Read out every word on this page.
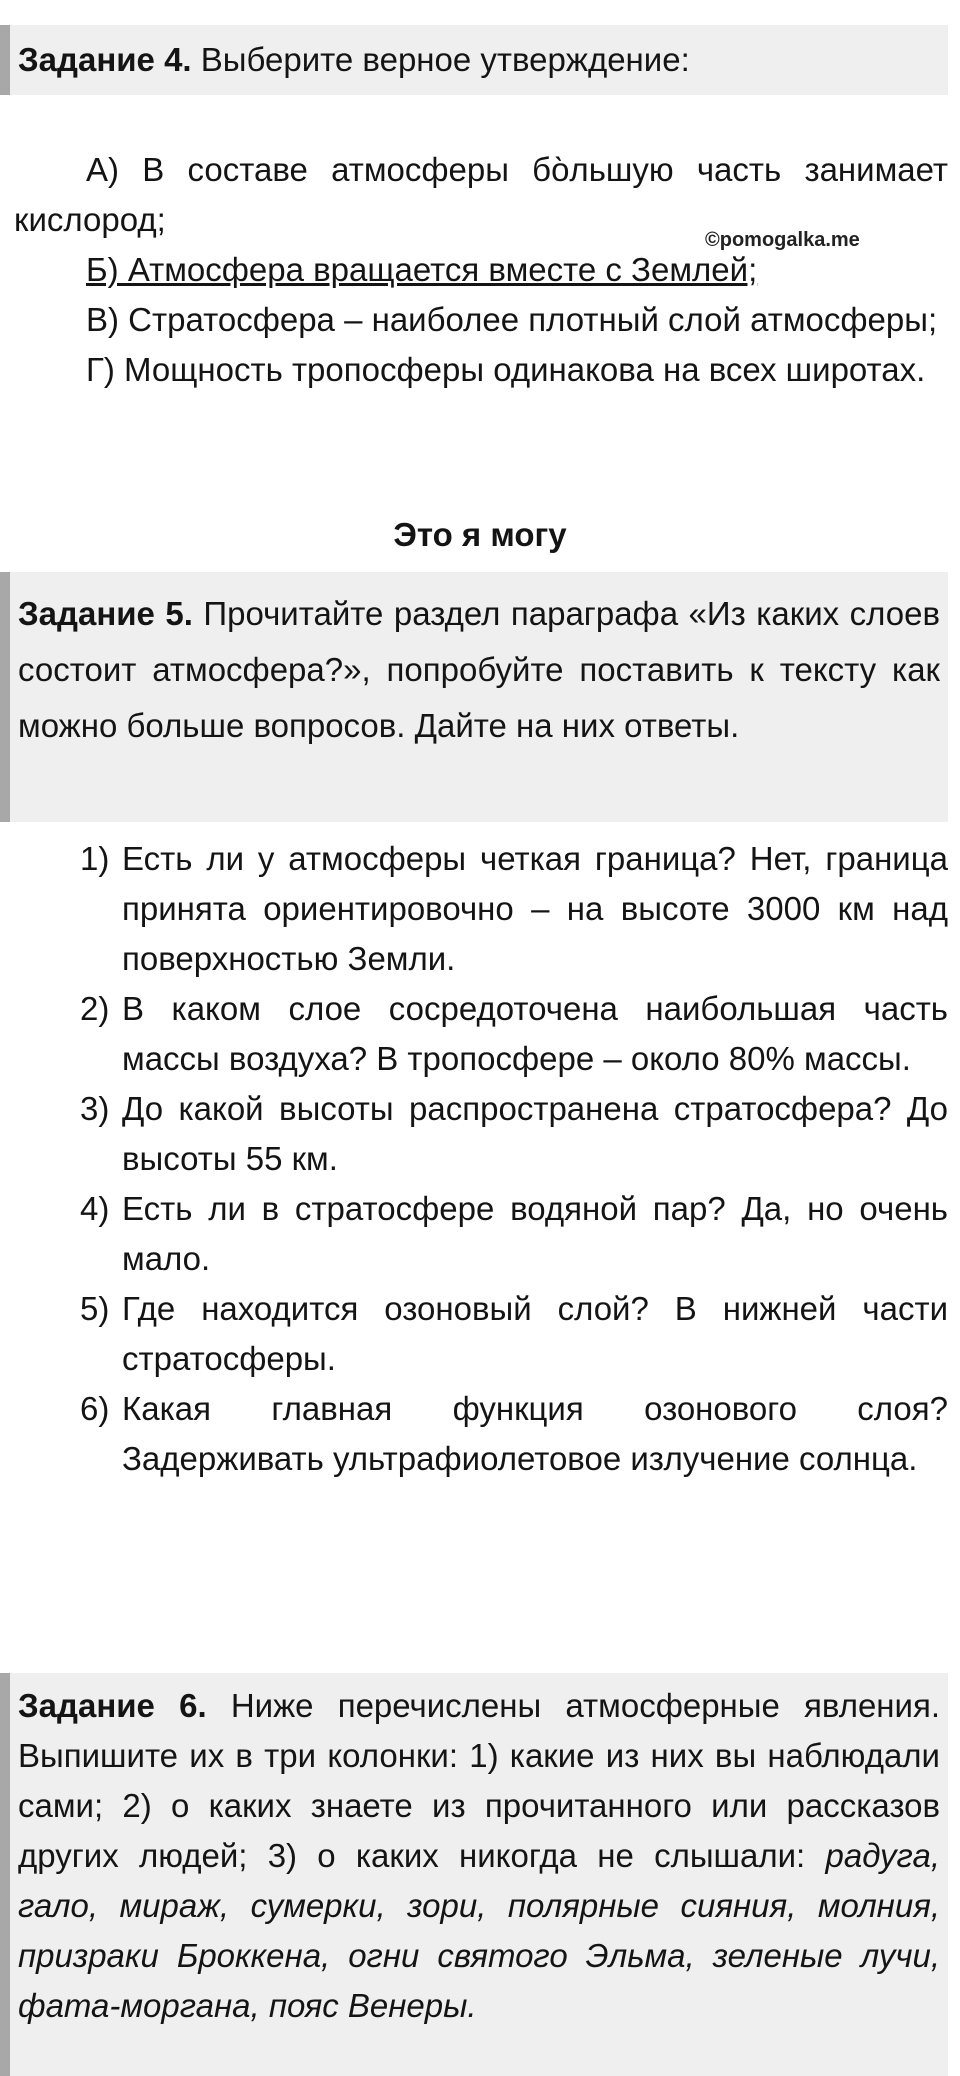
Задание 4. Выберите верное утверждение:

А) В составе атмосферы бо̀льшую часть занимает кислород;

Б) Атмосфера вращается вместе с Землей;

В) Стратосфера – наиболее плотный слой атмосферы;

Г) Мощность тропосферы одинакова на всех широтах.

©pomogalka.me
Это я могу
Задание 5. Прочитайте раздел параграфа «Из каких слоев состоит атмосфера?», попробуйте поставить к тексту как можно больше вопросов. Дайте на них ответы.
1) Есть ли у атмосферы четкая граница? Нет, граница принята ориентировочно – на высоте 3000 км над поверхностью Земли.
2) В каком слое сосредоточена наибольшая часть массы воздуха? В тропосфере – около 80% массы.
3) До какой высоты распространена стратосфера? До высоты 55 км.
4) Есть ли в стратосфере водяной пар? Да, но очень мало.
5) Где находится озоновый слой? В нижней части стратосферы.
6) Какая главная функция озонового слоя? Задерживать ультрафиолетовое излучение солнца.
Задание 6. Ниже перечислены атмосферные явления. Выпишите их в три колонки: 1) какие из них вы наблюдали сами; 2) о каких знаете из прочитанного или рассказов других людей; 3) о каких никогда не слышали: радуга, гало, мираж, сумерки, зори, полярные сияния, молния, призраки Броккена, огни святого Эльма, зеленые лучи, фата-моргана, пояс Венеры.
